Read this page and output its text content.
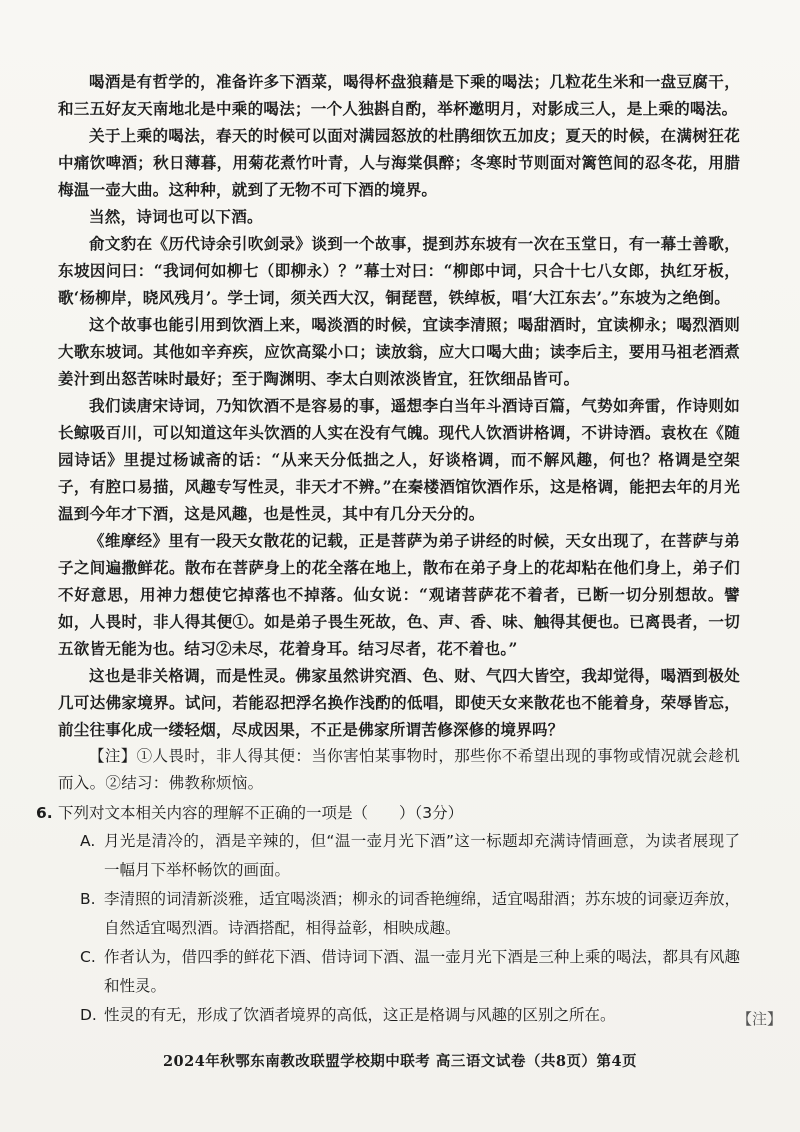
喝酒是有哲学的，准备许多下酒菜，喝得杯盘狼藉是下乘的喝法；几粒花生米和一盘豆腐干，和三五好友天南地北是中乘的喝法；一个人独斟自酌，举杯邀明月，对影成三人，是上乘的喝法。

关于上乘的喝法，春天的时候可以面对满园怒放的杜鹃细饮五加皮；夏天的时候，在满树狂花中痛饮啤酒；秋日薄暮，用菊花煮竹叶青，人与海棠俱醉；冬寒时节则面对篱笆间的忍冬花，用腊梅温一壶大曲。这种种，就到了无物不可下酒的境界。

当然，诗词也可以下酒。

俞文豹在《历代诗余引吹剑录》谈到一个故事，提到苏东坡有一次在玉堂日，有一幕士善歌，东坡因问曰：“我词何如柳七（即柳永）？”幕士对曰：“柳郎中词，只合十七八女郎，执红牙板，歌‘杨柳岸，晓风残月’。学士词，须关西大汉，铜琵琶，铁绰板，唱‘大江东去’。”东坡为之绝倒。

这个故事也能引用到饮酒上来，喝淡酒的时候，宜读李清照；喝甜酒时，宜读柳永；喝烈酒则大歌东坡词。其他如辛弃疾，应饮高粱小口；读放翁，应大口喝大曲；读李后主，要用马祖老酒煮姜汁到出怒苦味时最好；至于陶渊明、李太白则浓淡皆宜，狂饮细品皆可。

我们读唐宋诗词，乃知饮酒不是容易的事，遥想李白当年斗酒诗百篇，气势如奔雷，作诗则如长鲸吸百川，可以知道这年头饮酒的人实在没有气魄。现代人饮酒讲格调，不讲诗酒。袁枚在《随园诗话》里提过杨诚斋的话：“从来天分低拙之人，好谈格调，而不解风趣，何也？格调是空架子，有腔口易描，风趣专写性灵，非天才不辨。”在秦楼酒馆饮酒作乐，这是格调，能把去年的月光温到今年才下酒，这是风趣，也是性灵，其中有几分天分的。

《维摩经》里有一段天女散花的记载，正是菩萨为弟子讲经的时候，天女出现了，在菩萨与弟子之间遍撒鲜花。散布在菩萨身上的花全落在地上，散布在弟子身上的花却粘在他们身上，弟子们不好意思，用神力想使它掉落也不掉落。仙女说：“观诸菩萨花不着者，已断一切分别想故。譬如，人畏时，非人得其便①。如是弟子畏生死故，色、声、香、味、触得其便也。已离畏者，一切五欲皆无能为也。结习②未尽，花着身耳。结习尽者，花不着也。”

这也是非关格调，而是性灵。佛家虽然讲究酒、色、财、气四大皆空，我却觉得，喝酒到极处几可达佛家境界。试问，若能忍把浮名换作浅酌的低唱，即使天女来散花也不能着身，荣辱皆忘，前尘往事化成一缕轻烟，尽成因果，不正是佛家所谓苦修深修的境界吗？

【注】①人畏时，非人得其便：当你害怕某事物时，那些你不希望出现的事物或情况就会趁机而入。②结习：佛教称烦恼。

6. 下列对文本相关内容的理解不正确的一项是（　　）（3分）
A. 月光是清冷的，酒是辛辣的，但“温一壶月光下酒”这一标题却充满诗情画意，为读者展现了一幅月下举杯畅饮的画面。
B. 李清照的词清新淡雅，适宜喝淡酒；柳永的词香艳缠绵，适宜喝甜酒；苏东坡的词豪迈奔放，自然适宜喝烈酒。诗酒搭配，相得益彰，相映成趣。
C. 作者认为，借四季的鲜花下酒、借诗词下酒、温一壶月光下酒是三种上乘的喝法，都具有风趣和性灵。
D. 性灵的有无，形成了饮酒者境界的高低，这正是格调与风趣的区别之所在。	【注】
2024年秋鄂东南教改联盟学校期中联考 高三语文试卷（共8页）第4页
